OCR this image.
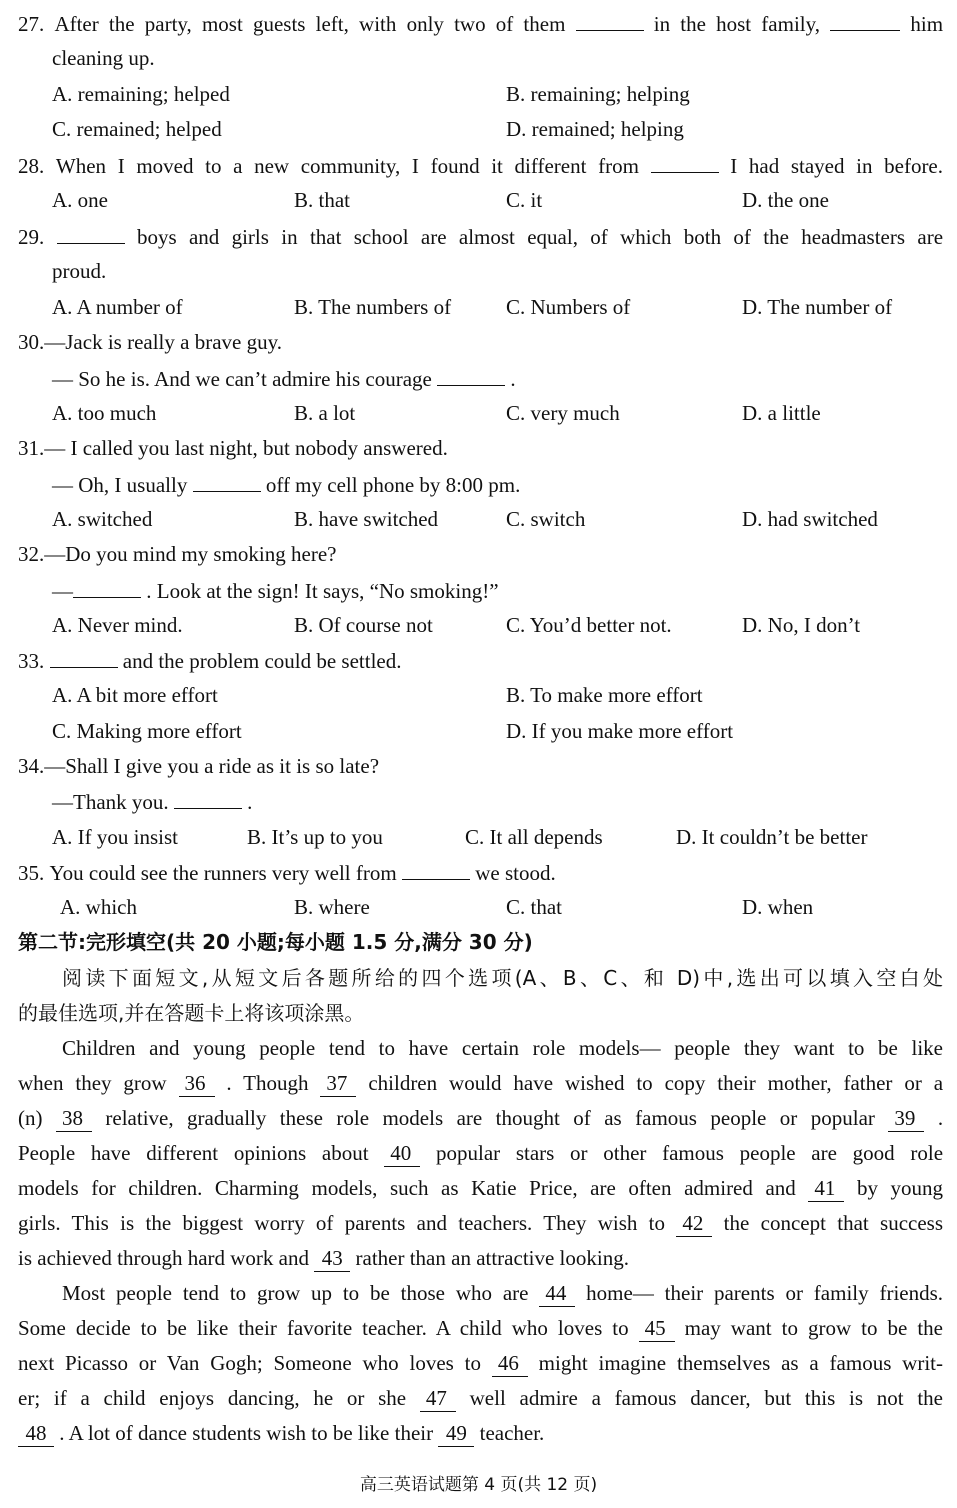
27. After the party, most guests left, with only two of them	in the host family,	him
cleaning up.
A. remaining; helped	B. remaining; helping
C. remained; helped	D. remained; helping
28. When I moved to a new community, I found it different from	I had stayed in before.
A. one	B. that	C. it	D. the one
29.	boys and girls in that school are almost equal, of which both of the headmasters are
proud.
A. A number of	B. The numbers of	C. Numbers of	D. The number of
30.—Jack is really a brave guy.
— So he is. And we can’t admire his courage	.
A. too much	B. a lot	C. very much	D. a little
31.— I called you last night, but nobody answered.
— Oh, I usually	off my cell phone by 8:00 pm.
A. switched	B. have switched	C. switch	D. had switched
32.—Do you mind my smoking here?
—	. Look at the sign! It says, “No smoking!”
A. Never mind.	B. Of course not	C. You’d better not.	D. No, I don’t
33.	and the problem could be settled.
A. A bit more effort	B. To make more effort
C. Making more effort	D. If you make more effort
34.—Shall I give you a ride as it is so late?
—Thank you.	.
A. If you insist	B. It’s up to you	C. It all depends	D. It couldn’t be better
35. You could see the runners very well from	we stood.
A. which	B. where	C. that	D. when
第二节:完形填空(共 20 小题;每小题 1.5 分,满分 30 分)
阅读下面短文,从短文后各题所给的四个选项(A、B、C、和 D)中,选出可以填入空白处
的最佳选项,并在答题卡上将该项涂黑。
Children and young people tend to have certain role models— people they want to be like
when they grow 36 . Though 37 children would have wished to copy their mother, father or a
(n) 38 relative, gradually these role models are thought of as famous people or popular 39 .
People have different opinions about 40 popular stars or other famous people are good role
models for children. Charming models, such as Katie Price, are often admired and 41 by young
girls. This is the biggest worry of parents and teachers. They wish to 42 the concept that success
is achieved through hard work and 43 rather than an attractive looking.
Most people tend to grow up to be those who are 44 home— their parents or family friends.
Some decide to be like their favorite teacher. A child who loves to 45 may want to grow to be the
next Picasso or Van Gogh; Someone who loves to 46 might imagine themselves as a famous writ-
er; if a child enjoys dancing, he or she 47 well admire a famous dancer, but this is not the
48 . A lot of dance students wish to be like their 49 teacher.
高三英语试题第 4 页(共 12 页)
